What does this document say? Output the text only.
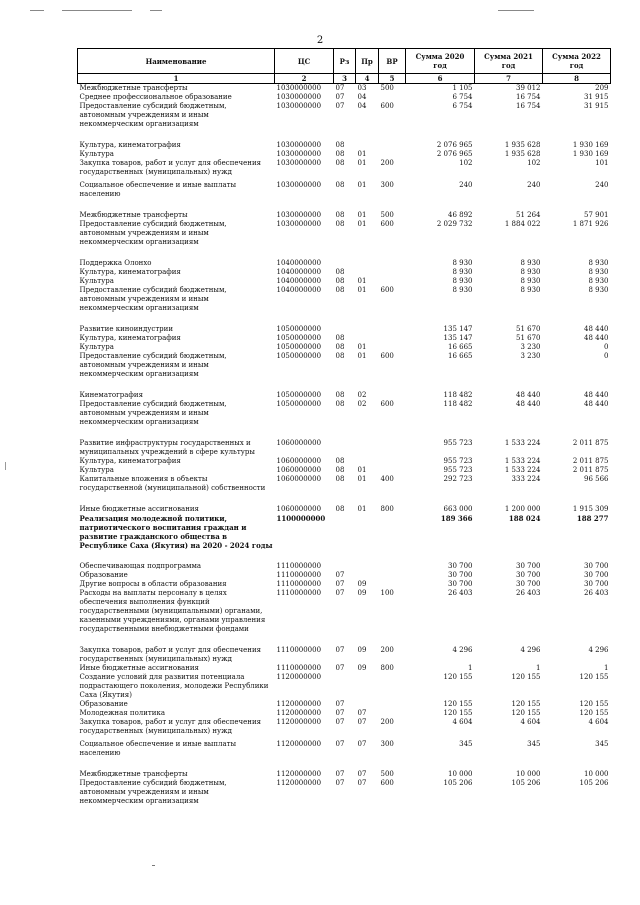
2
Наименование	ЦС	Рз	Пр	ВР	Сумма 2020 год	Сумма 2021 год	Сумма 2022 год
1	2	3	4	5	6	7	8
Межбюджетные трансферты	1030000000	07	03	500	1 105	39 012	209
Среднее профессиональное образование	1030000000	07	04		6 754	16 754	31 915
Предоставление субсидий бюджетным, автономным учреждениям и иным некоммерческим организациям	1030000000	07	04	600	6 754	16 754	31 915
Культура, кинематография	1030000000	08			2 076 965	1 935 628	1 930 169
Культура	1030000000	08	01		2 076 965	1 935 628	1 930 169
Закупка товаров, работ и услуг для обеспечения государственных (муниципальных) нужд	1030000000	08	01	200	102	102	101
Социальное обеспечение и иные выплаты населению	1030000000	08	01	300	240	240	240
Межбюджетные трансферты	1030000000	08	01	500	46 892	51 264	57 901
Предоставление субсидий бюджетным, автономным учреждениям и иным некоммерческим организациям	1030000000	08	01	600	2 029 732	1 884 022	1 871 926
Поддержка Олонхо	1040000000				8 930	8 930	8 930
Культура, кинематография	1040000000	08			8 930	8 930	8 930
Культура	1040000000	08	01		8 930	8 930	8 930
Предоставление субсидий бюджетным, автономным учреждениям и иным некоммерческим организациям	1040000000	08	01	600	8 930	8 930	8 930
Развитие киноиндустрии	1050000000				135 147	51 670	48 440
Культура, кинематография	1050000000	08			135 147	51 670	48 440
Культура	1050000000	08	01		16 665	3 230	0
Предоставление субсидий бюджетным, автономным учреждениям и иным некоммерческим организациям	1050000000	08	01	600	16 665	3 230	0
Кинематография	1050000000	08	02		118 482	48 440	48 440
Предоставление субсидий бюджетным, автономным учреждениям и иным некоммерческим организациям	1050000000	08	02	600	118 482	48 440	48 440
Развитие инфраструктуры государственных и муниципальных учреждений в сфере культуры	1060000000				955 723	1 533 224	2 011 875
Культура, кинематография	1060000000	08			955 723	1 533 224	2 011 875
Культура	1060000000	08	01		955 723	1 533 224	2 011 875
Капитальные вложения в объекты государственной (муниципальной) собственности	1060000000	08	01	400	292 723	333 224	96 566
Иные бюджетные ассигнования	1060000000	08	01	800	663 000	1 200 000	1 915 309
Реализация молодежной политики, патриотического воспитания граждан и развитие гражданского общества в Республике Саха (Якутия) на 2020 - 2024 годы	1100000000				189 366	188 024	188 277
Обеспечивающая подпрограмма	1110000000				30 700	30 700	30 700
Образование	1110000000	07			30 700	30 700	30 700
Другие вопросы в области образования	1110000000	07	09		30 700	30 700	30 700
Расходы на выплаты персоналу в целях обеспечения выполнения функций государственными (муниципальными) органами, казенными учреждениями, органами управления государственными внебюджетными фондами	1110000000	07	09	100	26 403	26 403	26 403
Закупка товаров, работ и услуг для обеспечения государственных (муниципальных) нужд	1110000000	07	09	200	4 296	4 296	4 296
Иные бюджетные ассигнования	1110000000	07	09	800	1	1	1
Создание условий для развития потенциала подрастающего поколения, молодежи Республики Саха (Якутия)	1120000000				120 155	120 155	120 155
Образование	1120000000	07			120 155	120 155	120 155
Молодежная политика	1120000000	07	07		120 155	120 155	120 155
Закупка товаров, работ и услуг для обеспечения государственных (муниципальных) нужд	1120000000	07	07	200	4 604	4 604	4 604
Социальное обеспечение и иные выплаты населению	1120000000	07	07	300	345	345	345
Межбюджетные трансферты	1120000000	07	07	500	10 000	10 000	10 000
Предоставление субсидий бюджетным, автономным учреждениям и иным некоммерческим организациям	1120000000	07	07	600	105 206	105 206	105 206
